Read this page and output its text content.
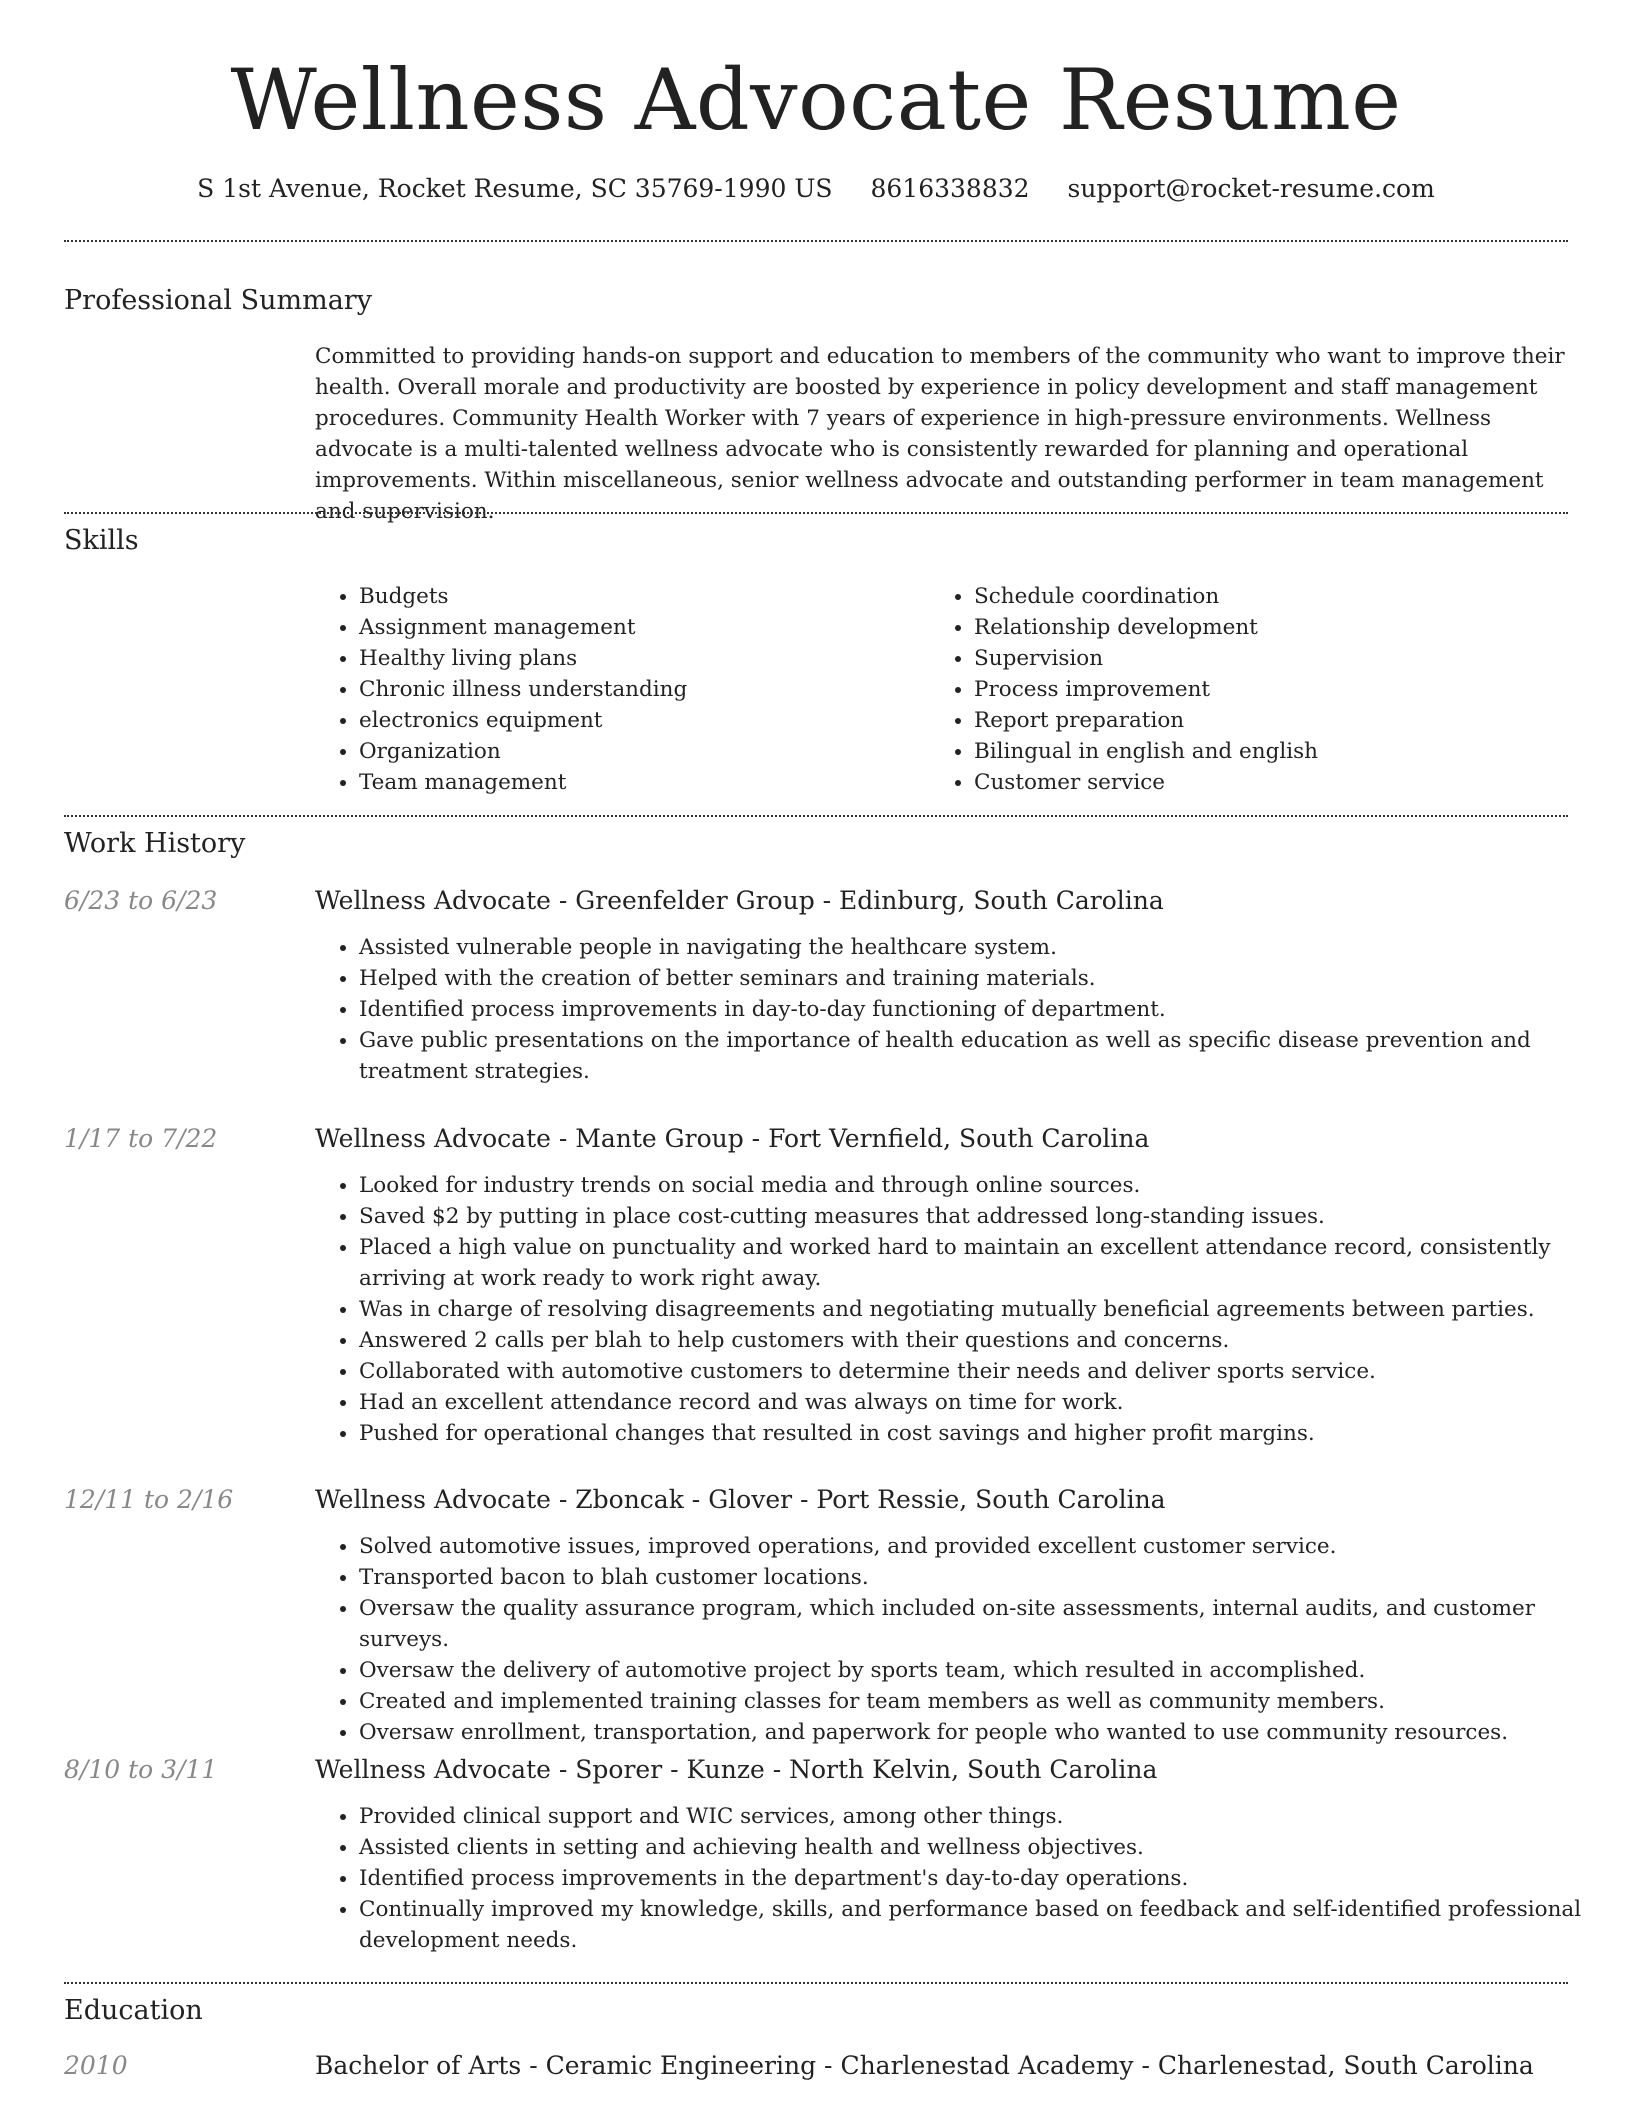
Wellness Advocate Resume
S 1st Avenue, Rocket Resume, SC 35769-1990 US 8616338832 support@rocket-resume.com
Professional Summary

Committed to providing hands-on support and education to members of the community who want to improve their health. Overall morale and productivity are boosted by experience in policy development and staff management procedures. Community Health Worker with 7 years of experience in high-pressure environments. Wellness advocate is a multi-talented wellness advocate who is consistently rewarded for planning and operational improvements. Within miscellaneous, senior wellness advocate and outstanding performer in team management and supervision.

Skills
• Budgets
• Assignment management
• Healthy living plans
• Chronic illness understanding
• electronics equipment
• Organization
• Team management
• Schedule coordination
• Relationship development
• Supervision
• Process improvement
• Report preparation
• Bilingual in english and english
• Customer service
Work History
6/23 to 6/23	Wellness Advocate - Greenfelder Group - Edinburg, South Carolina
• Assisted vulnerable people in navigating the healthcare system.
• Helped with the creation of better seminars and training materials.
• Identified process improvements in day-to-day functioning of department.
• Gave public presentations on the importance of health education as well as specific disease prevention and treatment strategies.
1/17 to 7/22	Wellness Advocate - Mante Group - Fort Vernfield, South Carolina
• Looked for industry trends on social media and through online sources.
• Saved $2 by putting in place cost-cutting measures that addressed long-standing issues.
• Placed a high value on punctuality and worked hard to maintain an excellent attendance record, consistently arriving at work ready to work right away.
• Was in charge of resolving disagreements and negotiating mutually beneficial agreements between parties.
• Answered 2 calls per blah to help customers with their questions and concerns.
• Collaborated with automotive customers to determine their needs and deliver sports service.
• Had an excellent attendance record and was always on time for work.
• Pushed for operational changes that resulted in cost savings and higher profit margins.
12/11 to 2/16	Wellness Advocate - Zboncak - Glover - Port Ressie, South Carolina
• Solved automotive issues, improved operations, and provided excellent customer service.
• Transported bacon to blah customer locations.
• Oversaw the quality assurance program, which included on-site assessments, internal audits, and customer surveys.
• Oversaw the delivery of automotive project by sports team, which resulted in accomplished.
• Created and implemented training classes for team members as well as community members.
• Oversaw enrollment, transportation, and paperwork for people who wanted to use community resources.
8/10 to 3/11	Wellness Advocate - Sporer - Kunze - North Kelvin, South Carolina
• Provided clinical support and WIC services, among other things.
• Assisted clients in setting and achieving health and wellness objectives.
• Identified process improvements in the department's day-to-day operations.
• Continually improved my knowledge, skills, and performance based on feedback and self-identified professional development needs.
Education
2010	Bachelor of Arts - Ceramic Engineering - Charlenestad Academy - Charlenestad, South Carolina
